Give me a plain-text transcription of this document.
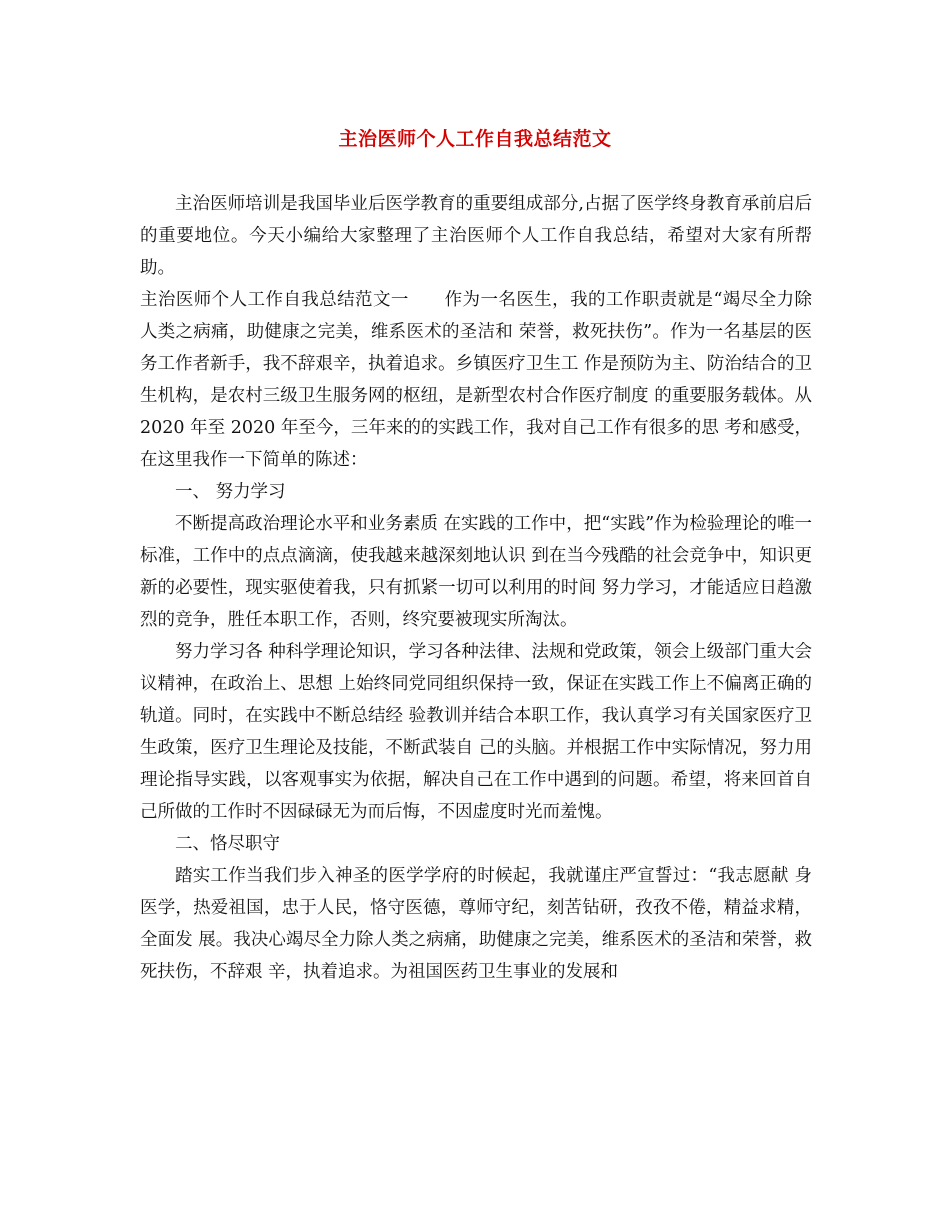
主治医师个人工作自我总结范文

主治医师培训是我国毕业后医学教育的重要组成部分,占据了医学终身教育承前启后的重要地位。今天小编给大家整理了主治医师个人工作自我总结，希望对大家有所帮助。

主治医师个人工作自我总结范文一　　作为一名医生，我的工作职责就是“竭尽全力除人类之病痛，助健康之完美，维系医术的圣洁和 荣誉，救死扶伤”。作为一名基层的医务工作者新手，我不辞艰辛，执着追求。乡镇医疗卫生工 作是预防为主、防治结合的卫生机构，是农村三级卫生服务网的枢纽，是新型农村合作医疗制度 的重要服务载体。从 2020 年至 2020 年至今，三年来的的实践工作，我对自己工作有很多的思 考和感受， 在这里我作一下简单的陈述：

一、 努力学习

不断提高政治理论水平和业务素质 在实践的工作中，把“实践”作为检验理论的唯一标准，工作中的点点滴滴，使我越来越深刻地认识 到在当今残酷的社会竞争中，知识更新的必要性，现实驱使着我，只有抓紧一切可以利用的时间 努力学习，才能适应日趋激烈的竞争，胜任本职工作，否则，终究要被现实所淘汰。

努力学习各 种科学理论知识，学习各种法律、法规和党政策，领会上级部门重大会议精神，在政治上、思想 上始终同党同组织保持一致，保证在实践工作上不偏离正确的轨道。同时，在实践中不断总结经 验教训并结合本职工作，我认真学习有关国家医疗卫生政策，医疗卫生理论及技能，不断武装自 己的头脑。并根据工作中实际情况，努力用理论指导实践，以客观事实为依据，解决自己在工作中遇到的问题。希望，将来回首自己所做的工作时不因碌碌无为而后悔，不因虚度时光而羞愧。

二、恪尽职守

踏实工作当我们步入神圣的医学学府的时候起，我就谨庄严宣誓过：“我志愿献 身医学，热爱祖国，忠于人民，恪守医德，尊师守纪，刻苦钻研，孜孜不倦，精益求精，全面发 展。我决心竭尽全力除人类之病痛，助健康之完美，维系医术的圣洁和荣誉，救死扶伤，不辞艰 辛，执着追求。为祖国医药卫生事业的发展和
